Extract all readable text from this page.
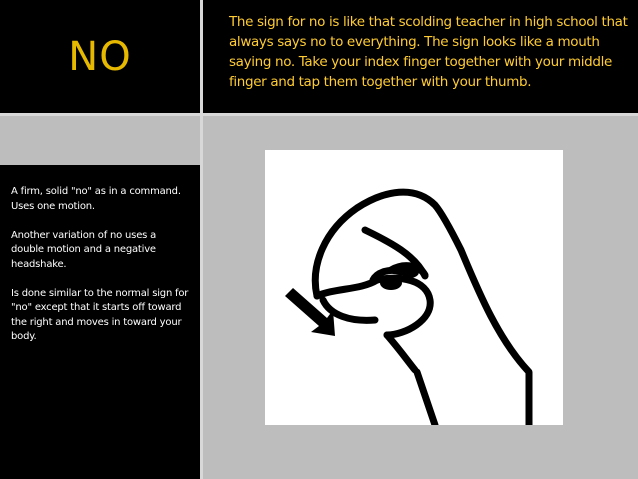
NO
The sign for no is like that scolding teacher in high school that always says no to everything. The sign looks like a mouth saying no. Take your index finger together with your middle finger and tap them together with your thumb.

A firm, solid "no" as in a command. Uses one motion.

Another variation of no uses a double motion and a negative headshake.

Is done similar to the normal sign for "no" except that it starts off toward the right and moves in toward your body.
